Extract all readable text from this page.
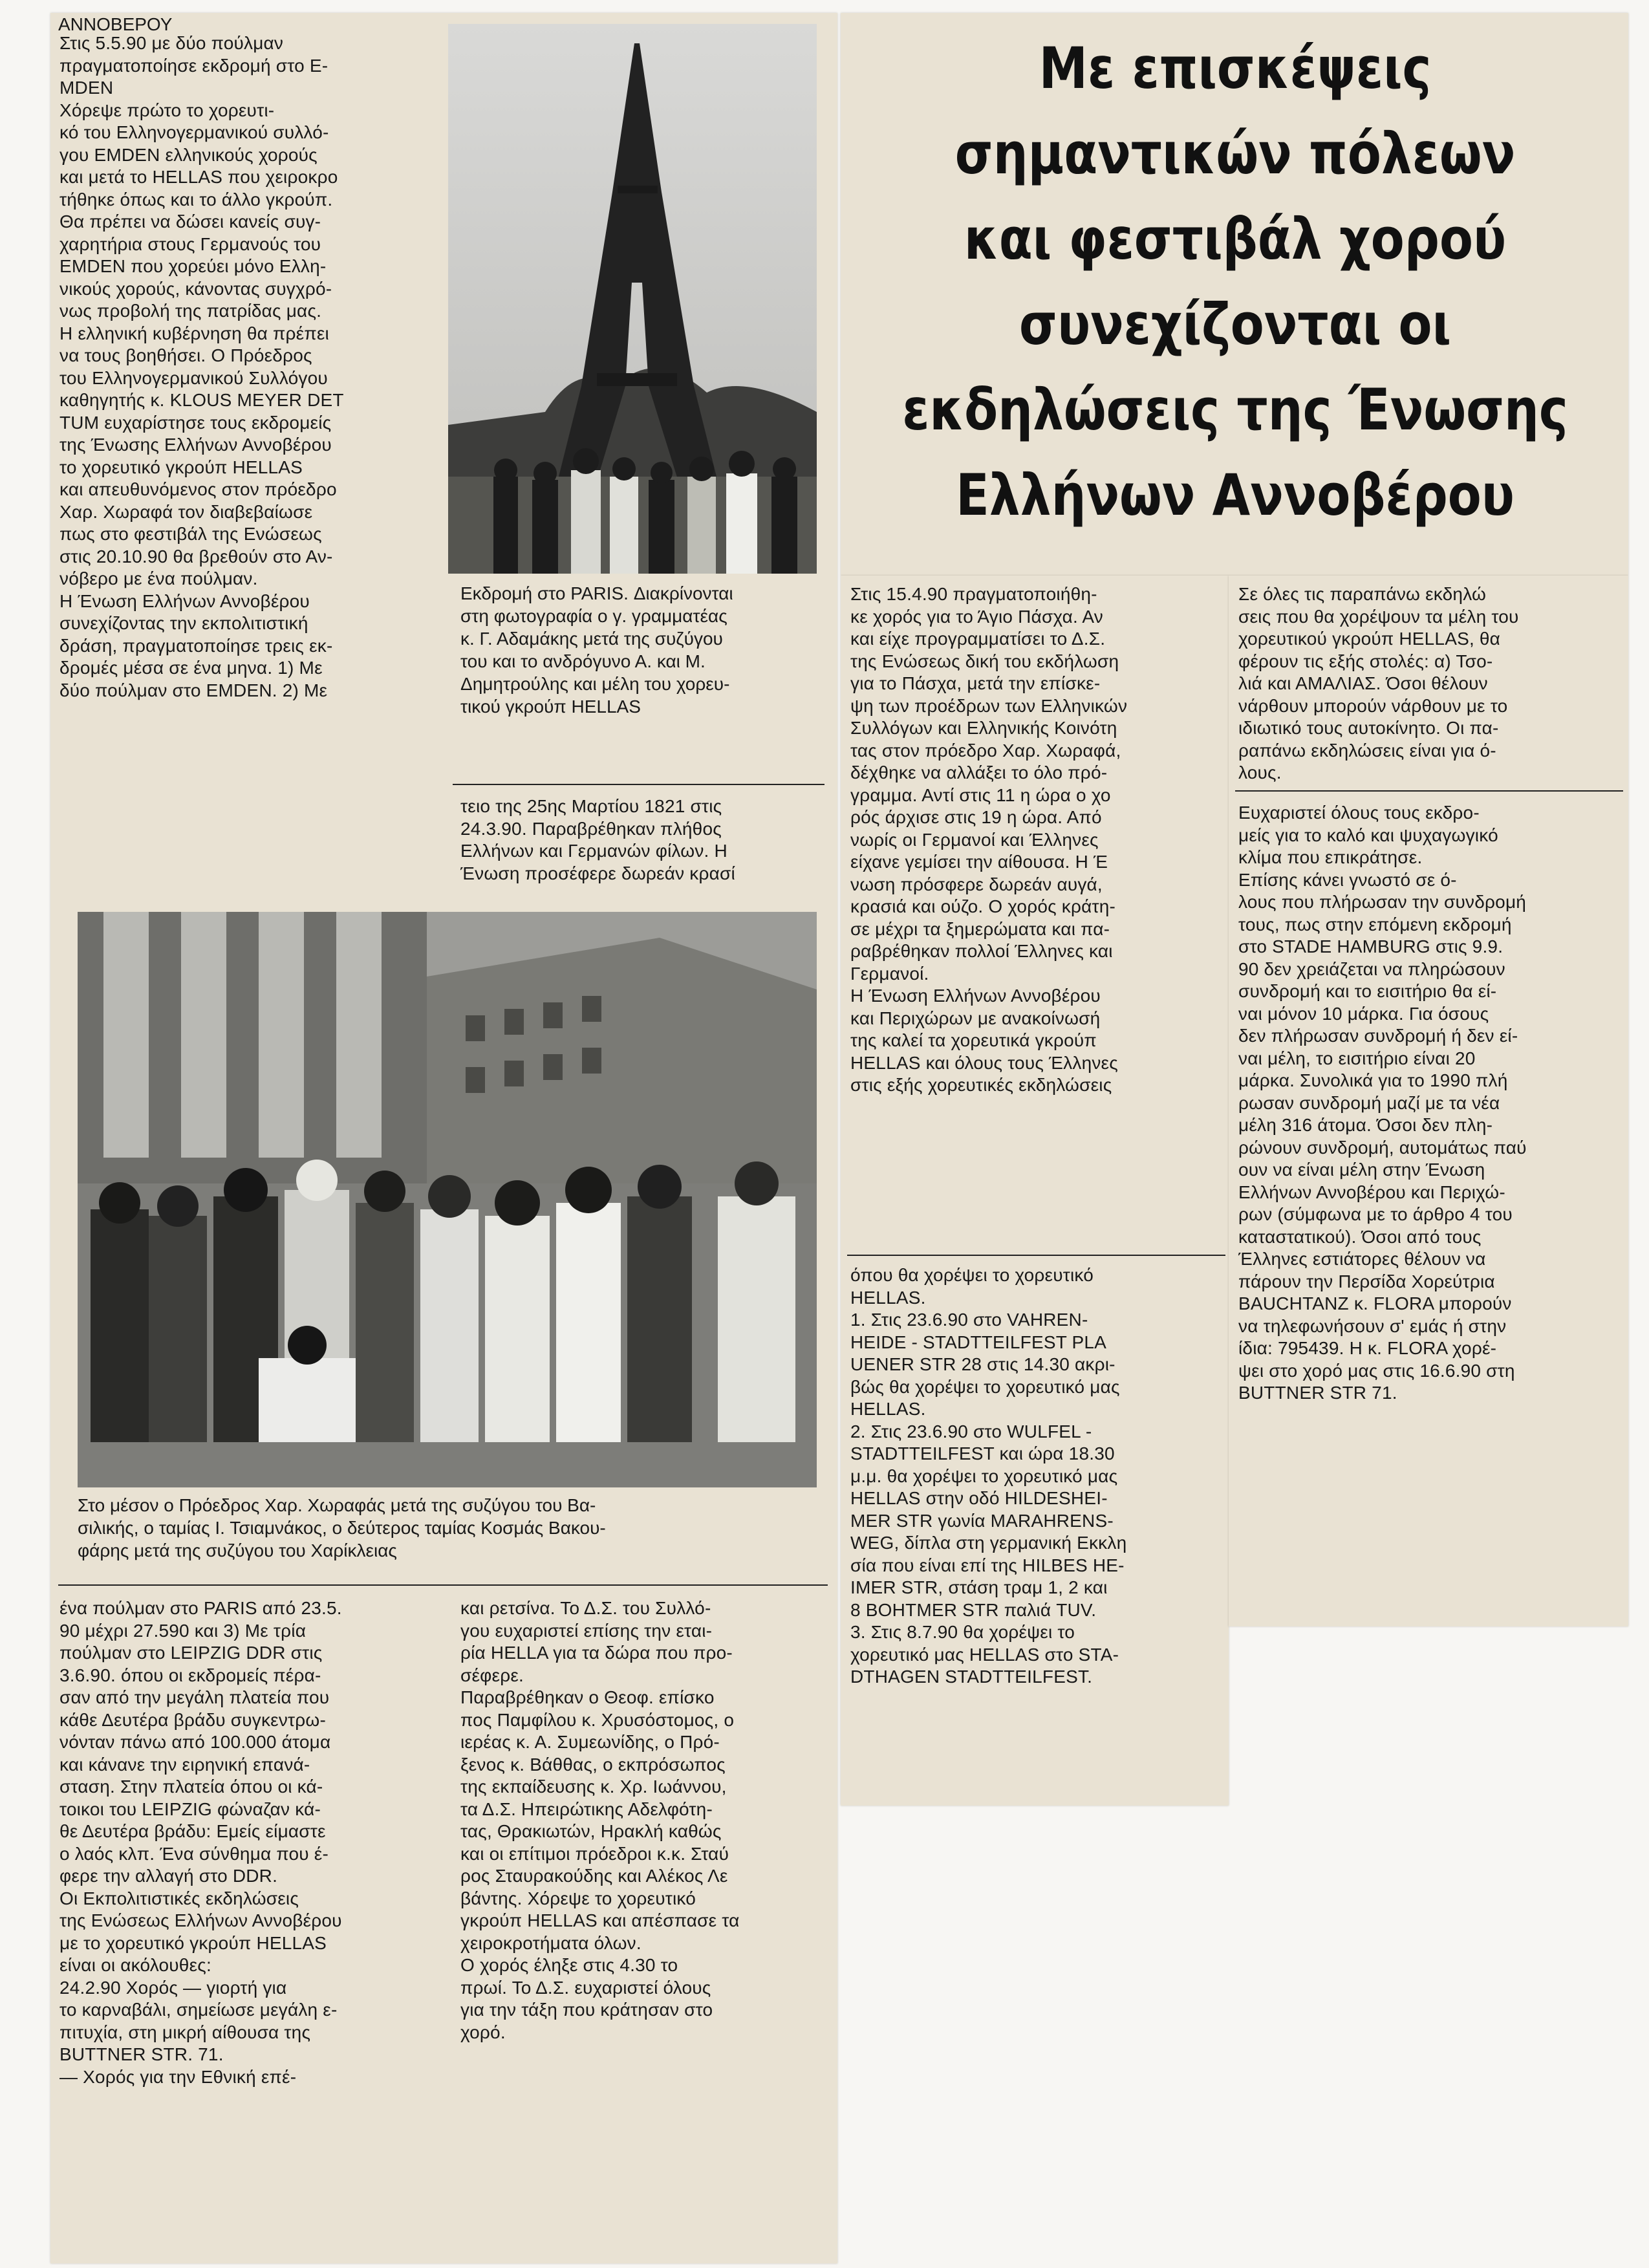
ΑΝΝΟΒΕΡΟΥ
Με επισκέψεις
σημαντικών πόλεων
και φεστιβάλ χορού
συνεχίζονται οι
εκδηλώσεις της Ένωσης
Ελλήνων Αννοβέρου
Στις 5.5.90 με δύο πούλμαν
πραγματοποίησε εκδρομή στο Ε-
MDEN
Χόρεψε πρώτο το χορευτι-
κό του Ελληνογερμανικού συλλό-
γου EMDEN ελληνικούς χορούς
και μετά το HELLAS που χειροκρο
τήθηκε όπως και το άλλο γκρούπ.
Θα πρέπει να δώσει κανείς συγ-
χαρητήρια στους Γερμανούς του
EMDEN που χορεύει μόνο Ελλη-
νικούς χορούς, κάνοντας συγχρό-
νως προβολή της πατρίδας μας.
Η ελληνική κυβέρνηση θα πρέπει
να τους βοηθήσει. Ο Πρόεδρος
του Ελληνογερμανικού Συλλόγου
καθηγητής κ. KLOUS MEYER DET
TUM ευχαρίστησε τους εκδρομείς
της Ένωσης Ελλήνων Αννοβέρου
το χορευτικό γκρούπ HELLAS
και απευθυνόμενος στον πρόεδρο
Χαρ. Χωραφά τον διαβεβαίωσε
πως στο φεστιβάλ της Ενώσεως
στις 20.10.90 θα βρεθούν στο Αν-
νόβερο με ένα πούλμαν.
Η Ένωση Ελλήνων Αννοβέρου
συνεχίζοντας την εκπολιτιστική
δράση, πραγματοποίησε τρεις εκ-
δρομές μέσα σε ένα μηνα. 1) Με
δύο πούλμαν στο EMDEN. 2) Με
Εκδρομή στο PARIS. Διακρίνονται
στη φωτογραφία ο γ. γραμματέας
κ. Γ. Αδαμάκης μετά της συζύγου
του και το ανδρόγυνο Α. και Μ.
Δημητρούλης και μέλη του χορευ-
τικού γκρούπ HELLAS
τειο της 25ης Μαρτίου 1821 στις
24.3.90. Παραβρέθηκαν πλήθος
Ελλήνων και Γερμανών φίλων. Η
Ένωση προσέφερε δωρεάν κρασί
Στο μέσον ο Πρόεδρος Χαρ. Χωραφάς μετά της συζύγου του Βα-
σιλικής, ο ταμίας Ι. Τσιαμνάκος, ο δεύτερος ταμίας Κοσμάς Βακου-
φάρης μετά της συζύγου του Χαρίκλειας
ένα πούλμαν στο PARIS από 23.5.
90 μέχρι 27.590 και 3) Με τρία
πούλμαν στο LEIPZIG DDR στις
3.6.90. όπου οι εκδρομείς πέρα-
σαν από την μεγάλη πλατεία που
κάθε Δευτέρα βράδυ συγκεντρω-
νόνταν πάνω από 100.000 άτομα
και κάνανε την ειρηνική επανά-
σταση. Στην πλατεία όπου οι κά-
τοικοι του LEIPZIG φώναζαν κά-
θε Δευτέρα βράδυ: Εμείς είμαστε
ο λαός κλπ. Ένα σύνθημα που έ-
φερε την αλλαγή στο DDR.
Οι Εκπολιτιστικές εκδηλώσεις
της Ενώσεως Ελλήνων Αννοβέρου
με το χορευτικό γκρούπ HELLAS
είναι οι ακόλουθες:
24.2.90 Χορός — γιορτή για
το καρναβάλι, σημείωσε μεγάλη ε-
πιτυχία, στη μικρή αίθουσα της
BUTTNER STR. 71.
— Χορός για την Εθνική επέ-
και ρετσίνα. Το Δ.Σ. του Συλλό-
γου ευχαριστεί επίσης την εται-
ρία HELLA για τα δώρα που προ-
σέφερε.
Παραβρέθηκαν ο Θεοφ. επίσκο
πος Παμφίλου κ. Χρυσόστομος, ο
ιερέας κ. Α. Συμεωνίδης, ο Πρό-
ξενος κ. Βάθθας, ο εκπρόσωπος
της εκπαίδευσης κ. Χρ. Ιωάννου,
τα Δ.Σ. Ηπειρώτικης Αδελφότη-
τας, Θρακιωτών, Ηρακλή καθώς
και οι επίτιμοι πρόεδροι κ.κ. Σταύ
ρος Σταυρακούδης και Αλέκος Λε
βάντης. Χόρεψε το χορευτικό
γκρούπ HELLAS και απέσπασε τα
χειροκροτήματα όλων.
Ο χορός έληξε στις 4.30 το
πρωί. Το Δ.Σ. ευχαριστεί όλους
για την τάξη που κράτησαν στο
χορό.
Στις 15.4.90 πραγματοποιήθη-
κε χορός για το Άγιο Πάσχα. Αν
και είχε προγραμματίσει το Δ.Σ.
της Ενώσεως δική του εκδήλωση
για το Πάσχα, μετά την επίσκε-
ψη των προέδρων των Ελληνικών
Συλλόγων και Ελληνικής Κοινότη
τας στον πρόεδρο Χαρ. Χωραφά,
δέχθηκε να αλλάξει το όλο πρό-
γραμμα. Αντί στις 11 η ώρα ο χο
ρός άρχισε στις 19 η ώρα. Από
νωρίς οι Γερμανοί και Έλληνες
είχανε γεμίσει την αίθουσα. Η Έ
νωση πρόσφερε δωρεάν αυγά,
κρασιά και ούζο. Ο χορός κράτη-
σε μέχρι τα ξημερώματα και πα-
ραβρέθηκαν πολλοί Έλληνες και
Γερμανοί.
Η Ένωση Ελλήνων Αννοβέρου
και Περιχώρων με ανακοίνωσή
της καλεί τα χορευτικά γκρούπ
HELLAS και όλους τους Έλληνες
στις εξής χορευτικές εκδηλώσεις
όπου θα χορέψει το χορευτικό
HELLAS.
1. Στις 23.6.90 στο VAHREN-
HEIDE - STADTTEILFEST PLA
UENER STR 28 στις 14.30 ακρι-
βώς θα χορέψει το χορευτικό μας
HELLAS.
2. Στις 23.6.90 στο WULFEL -
STADTTEILFEST και ώρα 18.30
μ.μ. θα χορέψει το χορευτικό μας
HELLAS στην οδό HILDESHEI-
MER STR γωνία MARAHRENS-
WEG, δίπλα στη γερμανική Εκκλη
σία που είναι επί της HILBES HE-
IMER STR, στάση τραμ 1, 2 και
8 BOHTMER STR παλιά TUV.
3. Στις 8.7.90 θα χορέψει το
χορευτικό μας HELLAS στο STA-
DTHAGEN STADTTEILFEST.
Σε όλες τις παραπάνω εκδηλώ
σεις που θα χορέψουν τα μέλη του
χορευτικού γκρούπ HELLAS, θα
φέρουν τις εξής στολές: α) Τσο-
λιά και ΑΜΑΛΙΑΣ. Όσοι θέλουν
νάρθουν μπορούν νάρθουν με το
ιδιωτικό τους αυτοκίνητο. Οι πα-
ραπάνω εκδηλώσεις είναι για ό-
λους.
Ευχαριστεί όλους τους εκδρο-
μείς για το καλό και ψυχαγωγικό
κλίμα που επικράτησε.
Επίσης κάνει γνωστό σε ό-
λους που πλήρωσαν την συνδρομή
τους, πως στην επόμενη εκδρομή
στο STADE HAMBURG στις 9.9.
90 δεν χρειάζεται να πληρώσουν
συνδρομή και το εισιτήριο θα εί-
ναι μόνον 10 μάρκα. Για όσους
δεν πλήρωσαν συνδρομή ή δεν εί-
ναι μέλη, το εισιτήριο είναι 20
μάρκα. Συνολικά για το 1990 πλή
ρωσαν συνδρομή μαζί με τα νέα
μέλη 316 άτομα. Όσοι δεν πλη-
ρώνουν συνδρομή, αυτομάτως παύ
ουν να είναι μέλη στην Ένωση
Ελλήνων Αννοβέρου και Περιχώ-
ρων (σύμφωνα με το άρθρο 4 του
καταστατικού). Όσοι από τους
Έλληνες εστιάτορες θέλουν να
πάρουν την Περσίδα Χορεύτρια
BAUCHTANZ κ. FLORA μπορούν
να τηλεφωνήσουν σ' εμάς ή στην
ίδια: 795439. Η κ. FLORA χορέ-
ψει στο χορό μας στις 16.6.90 στη
BUTTNER STR 71.
